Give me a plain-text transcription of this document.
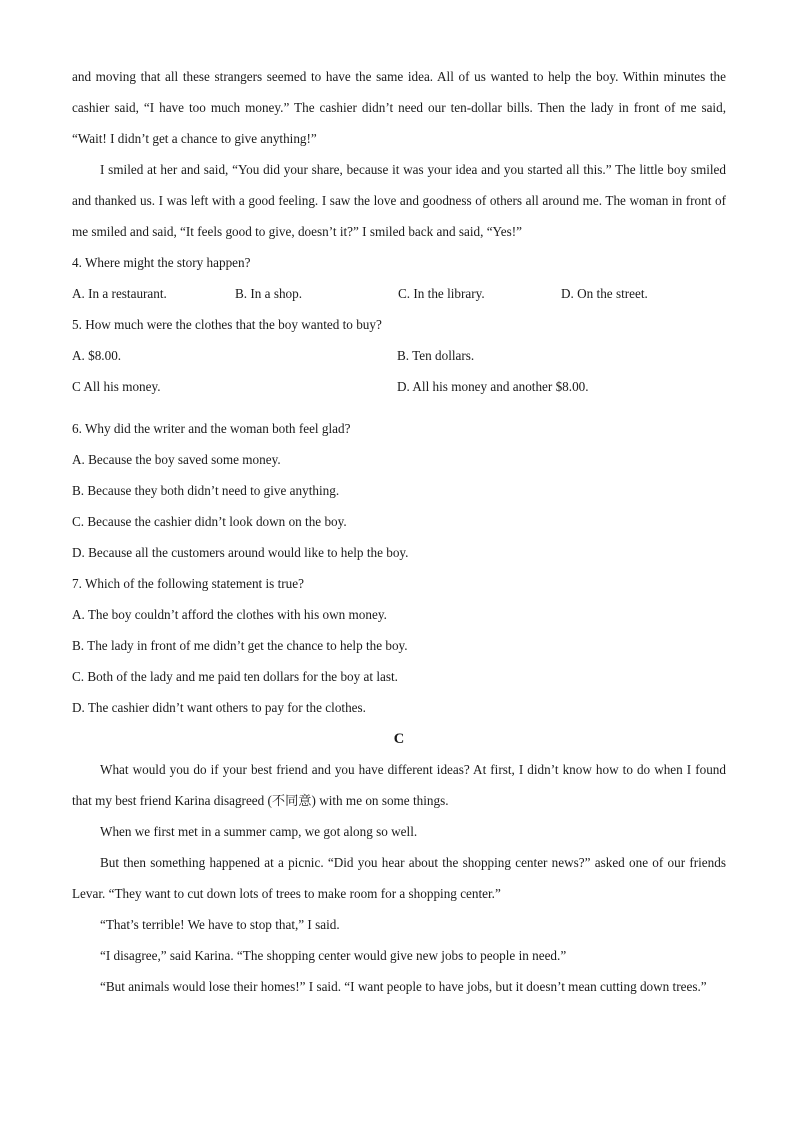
and moving that all these strangers seemed to have the same idea. All of us wanted to help the boy. Within minutes the cashier said, “I have too much money.” The cashier didn’t need our ten-dollar bills. Then the lady in front of me said, “Wait! I didn’t get a chance to give anything!”

I smiled at her and said, “You did your share, because it was your idea and you started all this.” The little boy smiled and thanked us. I was left with a good feeling. I saw the love and goodness of others all around me. The woman in front of me smiled and said, “It feels good to give, doesn’t it?” I smiled back and said, “Yes!”

4. Where might the story happen?

A. In a restaurant.	B. In a shop.	C. In the library.	D. On the street.

5. How much were the clothes that the boy wanted to buy?

A. $8.00.	B. Ten dollars.
C All his money.	D. All his money and another $8.00.

6. Why did the writer and the woman both feel glad?

A. Because the boy saved some money.

B. Because they both didn’t need to give anything.

C. Because the cashier didn’t look down on the boy.

D. Because all the customers around would like to help the boy.

7. Which of the following statement is true?

A. The boy couldn’t afford the clothes with his own money.

B. The lady in front of me didn’t get the chance to help the boy.

C. Both of the lady and me paid ten dollars for the boy at last.

D. The cashier didn’t want others to pay for the clothes.

C

What would you do if your best friend and you have different ideas? At first, I didn’t know how to do when I found that my best friend Karina disagreed (不同意) with me on some things.

When we first met in a summer camp, we got along so well.

But then something happened at a picnic. “Did you hear about the shopping center news?” asked one of our friends Levar. “They want to cut down lots of trees to make room for a shopping center.”

“That’s terrible! We have to stop that,” I said.

“I disagree,” said Karina. “The shopping center would give new jobs to people in need.”

“But animals would lose their homes!” I said. “I want people to have jobs, but it doesn’t mean cutting down trees.”
